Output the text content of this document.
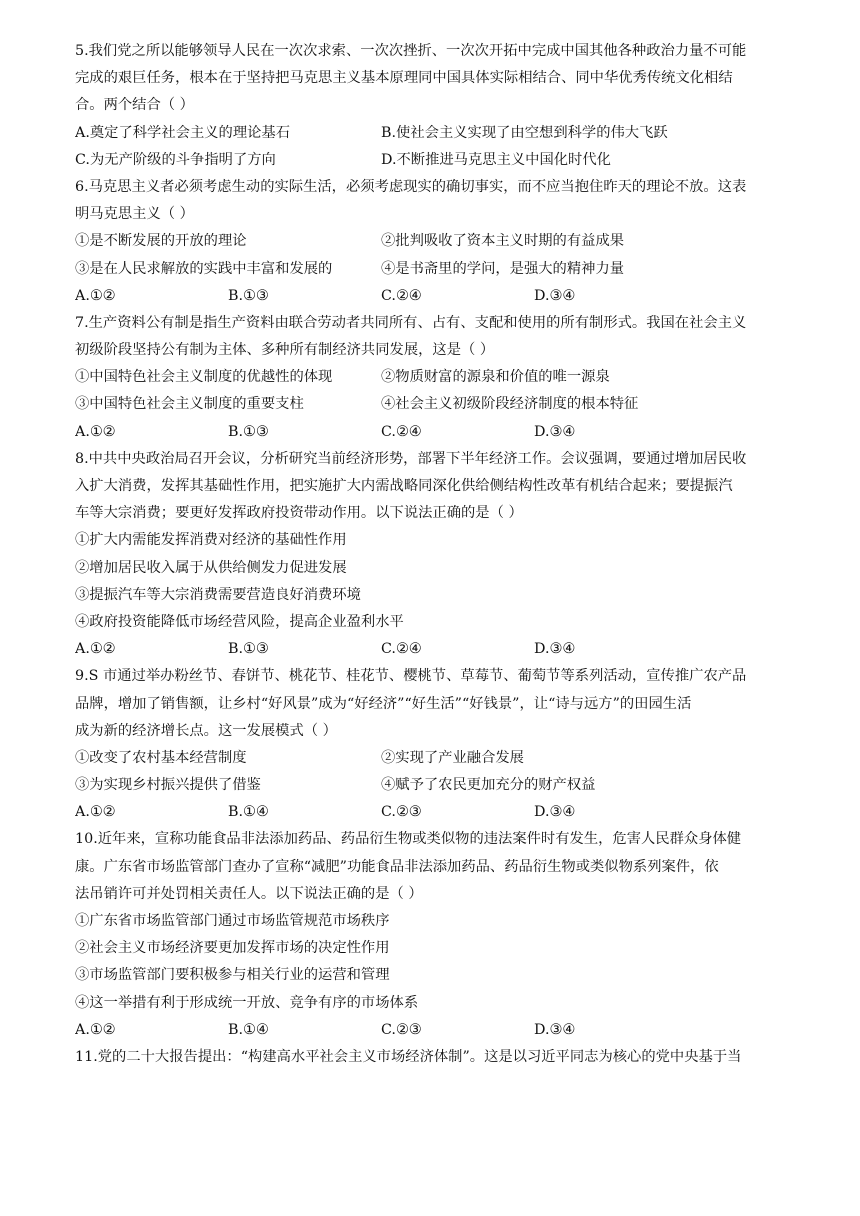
5.我们党之所以能够领导人民在一次次求索、一次次挫折、一次次开拓中完成中国其他各种政治力量不可能
完成的艰巨任务，根本在于坚持把马克思主义基本原理同中国具体实际相结合、同中华优秀传统文化相结
合。两个结合（ ）
A.奠定了科学社会主义的理论基石	B.使社会主义实现了由空想到科学的伟大飞跃
C.为无产阶级的斗争指明了方向	D.不断推进马克思主义中国化时代化
6.马克思主义者必须考虑生动的实际生活，必须考虑现实的确切事实，而不应当抱住昨天的理论不放。这表
明马克思主义（ ）
①是不断发展的开放的理论	②批判吸收了资本主义时期的有益成果
③是在人民求解放的实践中丰富和发展的	④是书斋里的学问，是强大的精神力量
A.①②	B.①③	C.②④	D.③④
7.生产资料公有制是指生产资料由联合劳动者共同所有、占有、支配和使用的所有制形式。我国在社会主义
初级阶段坚持公有制为主体、多种所有制经济共同发展，这是（ ）
①中国特色社会主义制度的优越性的体现	②物质财富的源泉和价值的唯一源泉
③中国特色社会主义制度的重要支柱	④社会主义初级阶段经济制度的根本特征
A.①②	B.①③	C.②④	D.③④
8.中共中央政治局召开会议，分析研究当前经济形势，部署下半年经济工作。会议强调，要通过增加居民收
入扩大消费，发挥其基础性作用，把实施扩大内需战略同深化供给侧结构性改革有机结合起来；要提振汽
车等大宗消费；要更好发挥政府投资带动作用。以下说法正确的是（ ）
①扩大内需能发挥消费对经济的基础性作用
②增加居民收入属于从供给侧发力促进发展
③提振汽车等大宗消费需要营造良好消费环境
④政府投资能降低市场经营风险，提高企业盈利水平
A.①②	B.①③	C.②④	D.③④
9.S 市通过举办粉丝节、春饼节、桃花节、桂花节、樱桃节、草莓节、葡萄节等系列活动，宣传推广农产品
品牌，增加了销售额，让乡村“好风景”成为“好经济”“好生活”“好钱景”，让“诗与远方”的田园生活
成为新的经济增长点。这一发展模式（ ）
①改变了农村基本经营制度	②实现了产业融合发展
③为实现乡村振兴提供了借鉴	④赋予了农民更加充分的财产权益
A.①②	B.①④	C.②③	D.③④
10.近年来，宣称功能食品非法添加药品、药品衍生物或类似物的违法案件时有发生，危害人民群众身体健
康。广东省市场监管部门查办了宣称“减肥”功能食品非法添加药品、药品衍生物或类似物系列案件，依
法吊销许可并处罚相关责任人。以下说法正确的是（ ）
①广东省市场监管部门通过市场监管规范市场秩序
②社会主义市场经济要更加发挥市场的决定性作用
③市场监管部门要积极参与相关行业的运营和管理
④这一举措有利于形成统一开放、竞争有序的市场体系
A.①②	B.①④	C.②③	D.③④
11.党的二十大报告提出：“构建高水平社会主义市场经济体制”。这是以习近平同志为核心的党中央基于当
